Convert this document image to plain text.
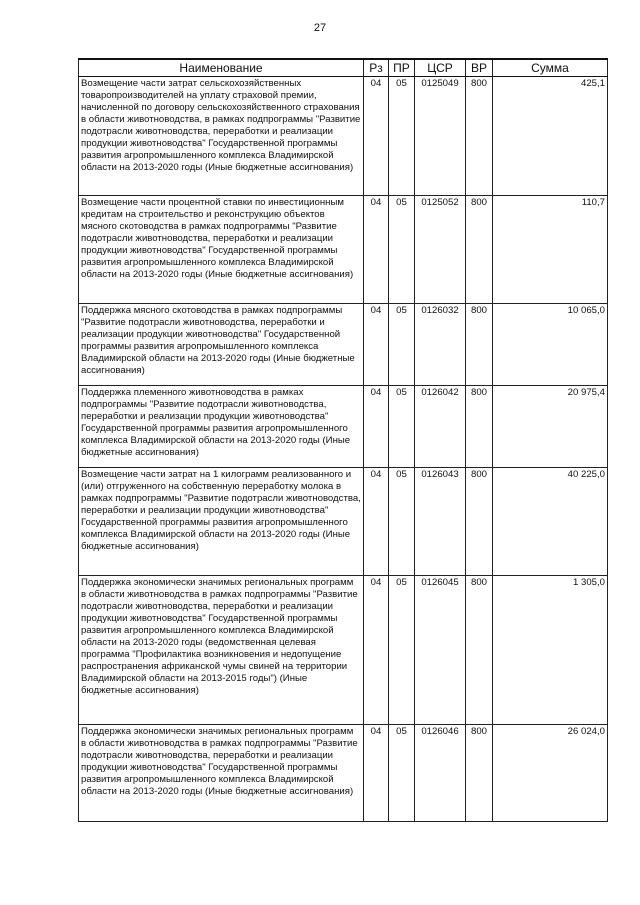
27
Наименование	Рз	ПР	ЦСР	ВР	Сумма
Возмещение части затрат сельскохозяйственных товаропроизводителей на уплату страховой премии, начисленной по договору сельскохозяйственного страхования в области животноводства, в рамках подпрограммы "Развитие подотрасли животноводства, переработки и реализации продукции животноводства" Государственной программы развития агропромышленного комплекса Владимирской области на 2013-2020 годы (Иные бюджетные ассигнования)	04	05	0125049	800	425,1
Возмещение части процентной ставки по инвестиционным кредитам на строительство и реконструкцию объектов мясного скотоводства в рамках подпрограммы "Развитие подотрасли животноводства, переработки и реализации продукции животноводства" Государственной программы развития агропромышленного комплекса Владимирской области на 2013-2020 годы (Иные бюджетные ассигнования)	04	05	0125052	800	110,7
Поддержка мясного скотоводства в рамках подпрограммы "Развитие подотрасли животноводства, переработки и реализации продукции животноводства" Государственной программы развития агропромышленного комплекса Владимирской области на 2013-2020 годы (Иные бюджетные ассигнования)	04	05	0126032	800	10 065,0
Поддержка племенного животноводства в рамках подпрограммы "Развитие подотрасли животноводства, переработки и реализации продукции животноводства" Государственной программы развития агропромышленного комплекса Владимирской области на 2013-2020 годы (Иные бюджетные ассигнования)	04	05	0126042	800	20 975,4
Возмещение части затрат на 1 килограмм реализованного и (или) отгруженного на собственную переработку молока в рамках подпрограммы "Развитие подотрасли животноводства, переработки и реализации продукции животноводства" Государственной программы развития агропромышленного комплекса Владимирской области на 2013-2020 годы (Иные бюджетные ассигнования)	04	05	0126043	800	40 225,0
Поддержка экономически значимых региональных программ в области животноводства в рамках подпрограммы "Развитие подотрасли животноводства, переработки и реализации продукции животноводства" Государственной программы развития агропромышленного комплекса Владимирской области на 2013-2020 годы (ведомственная целевая программа "Профилактика возникновения и недопущение распространения африканской чумы свиней на территории Владимирской области на 2013-2015 годы") (Иные бюджетные ассигнования)	04	05	0126045	800	1 305,0
Поддержка экономически значимых региональных программ в области животноводства в рамках подпрограммы "Развитие подотрасли животноводства, переработки и реализации продукции животноводства" Государственной программы развития агропромышленного комплекса Владимирской области на 2013-2020 годы (Иные бюджетные ассигнования)	04	05	0126046	800	26 024,0
